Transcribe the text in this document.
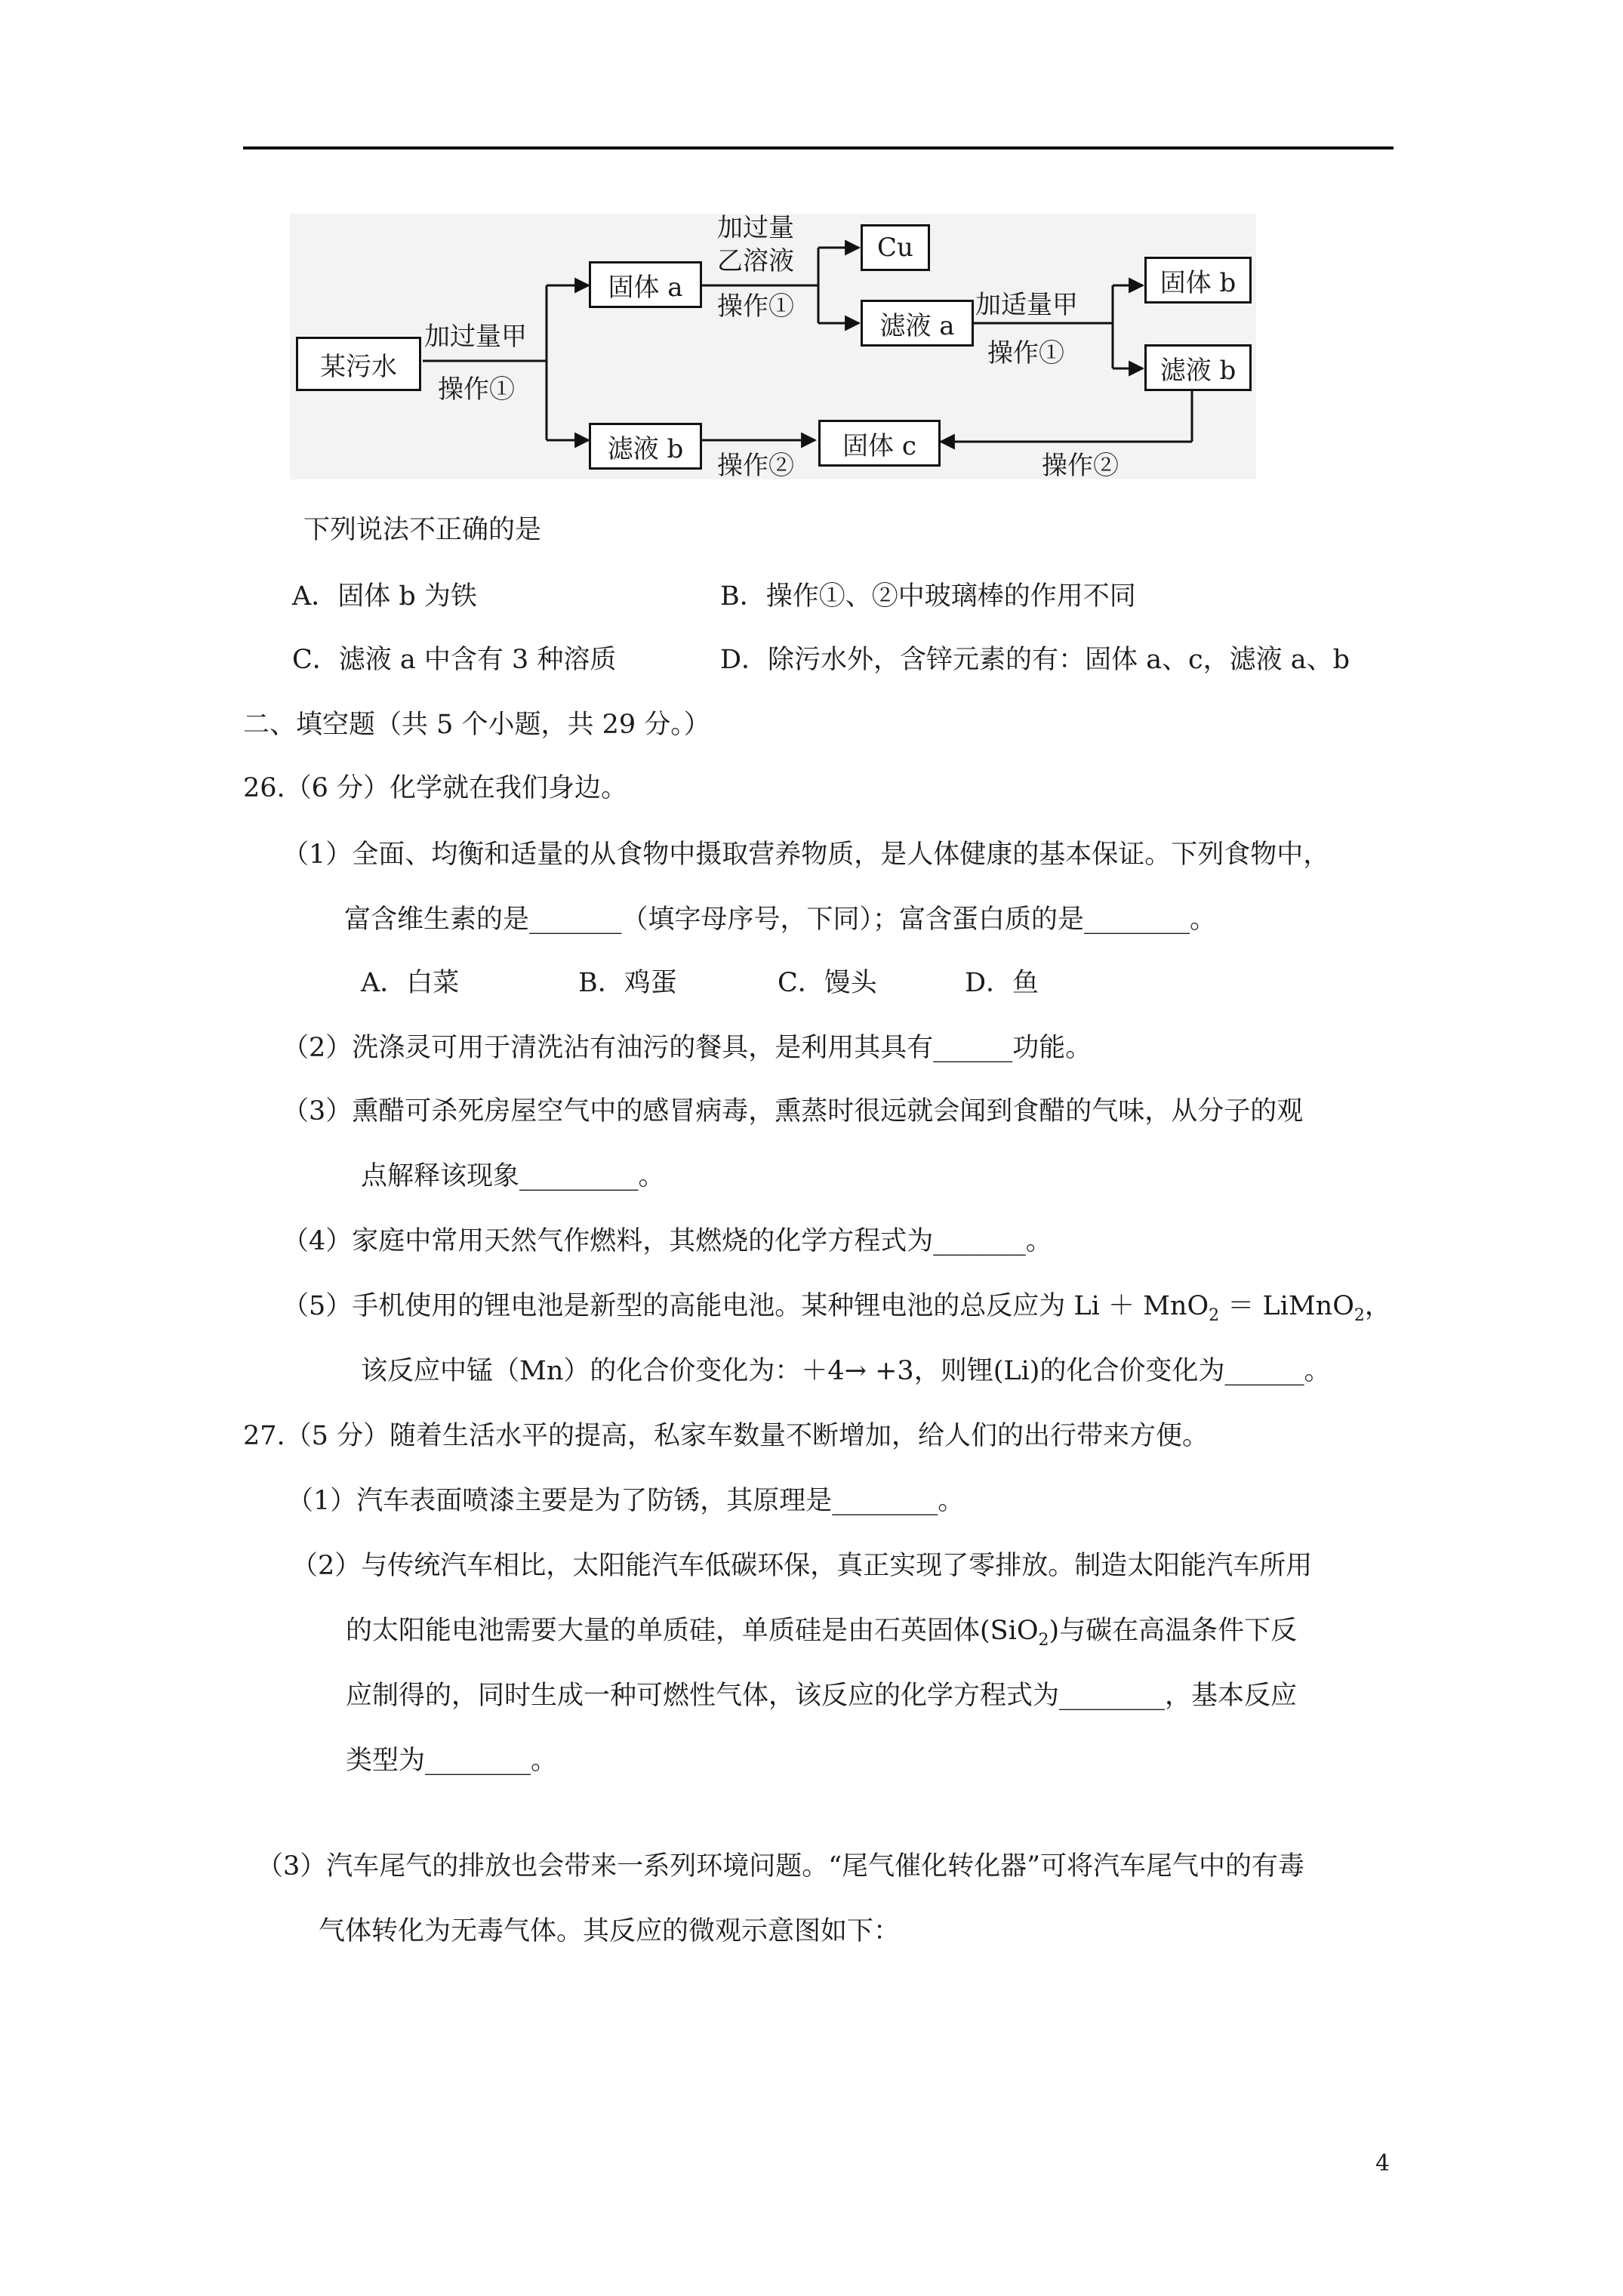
某污水
固体 a
Cu
滤液 a
固体 b
滤液 b
滤液 b	固体 c
加过量甲
操作①
加过量
乙溶液
操作①	加适量甲
操作①
操作②	操作②
下列说法不正确的是
A．固体 b 为铁	B．操作①、②中玻璃棒的作用不同
C．滤液 a 中含有 3 种溶质	D．除污水外，含锌元素的有：固体 a、c，滤液 a、b
二、填空题（共 5 个小题，共 29 分。）
26.（6 分）化学就在我们身边。
（1）全面、均衡和适量的从食物中摄取营养物质，是人体健康的基本保证。下列食物中，
富含维生素的是_______（填字母序号，下同）；富含蛋白质的是________。
A．白菜	B．鸡蛋	C．馒头	D．鱼
（2）洗涤灵可用于清洗沾有油污的餐具，是利用其具有______功能。
（3）熏醋可杀死房屋空气中的感冒病毒，熏蒸时很远就会闻到食醋的气味，从分子的观
点解释该现象_________。
（4）家庭中常用天然气作燃料，其燃烧的化学方程式为_______。
（5）手机使用的锂电池是新型的高能电池。某种锂电池的总反应为 Li ＋ MnO$_2$ ＝ LiMnO$_2$，
该反应中锰（Mn）的化合价变化为：＋4→ +3，则锂(Li)的化合价变化为______。
27.（5 分）随着生活水平的提高，私家车数量不断增加，给人们的出行带来方便。
（1）汽车表面喷漆主要是为了防锈，其原理是________。
（2）与传统汽车相比，太阳能汽车低碳环保，真正实现了零排放。制造太阳能汽车所用
的太阳能电池需要大量的单质硅，单质硅是由石英固体(SiO$_2$)与碳在高温条件下反
应制得的，同时生成一种可燃性气体，该反应的化学方程式为________，基本反应
类型为________。
（3）汽车尾气的排放也会带来一系列环境问题。“尾气催化转化器”可将汽车尾气中的有毒
气体转化为无毒气体。其反应的微观示意图如下：
4
